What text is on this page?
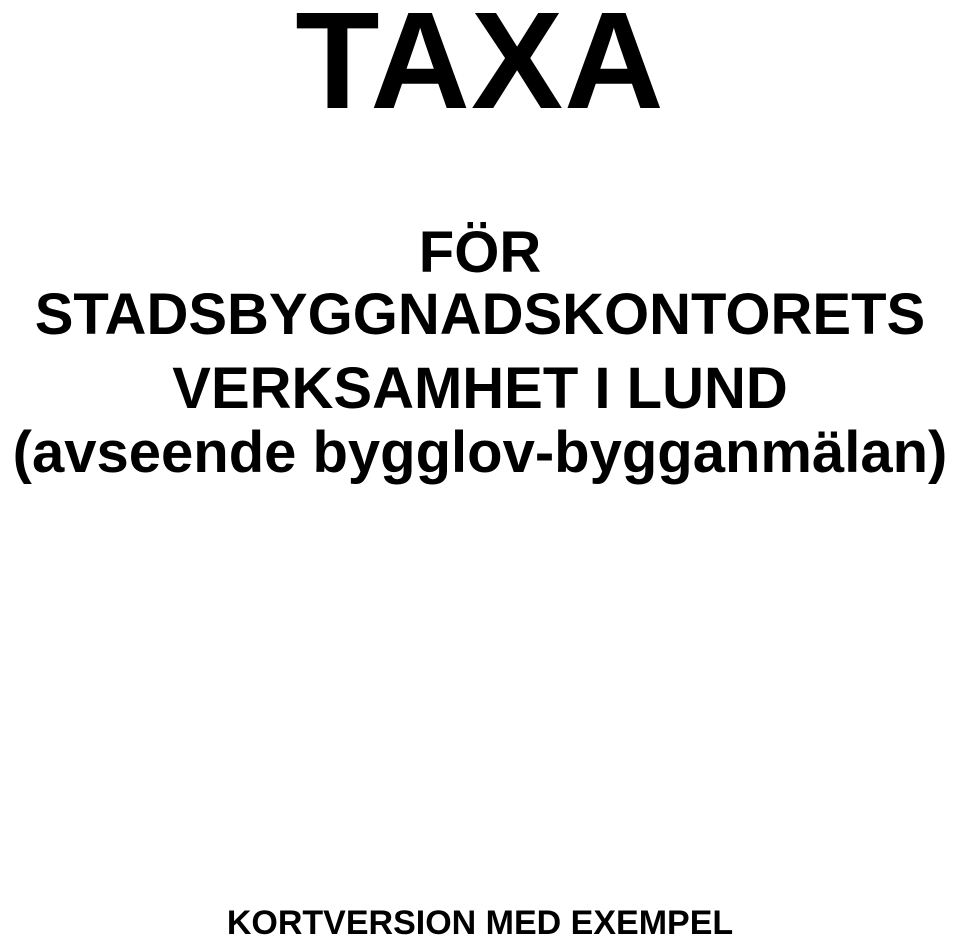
TAXA
FÖR
STADSBYGGNADSKONTORETS
VERKSAMHET I LUND
(avseende bygglov-bygganmälan)
KORTVERSION MED EXEMPEL
